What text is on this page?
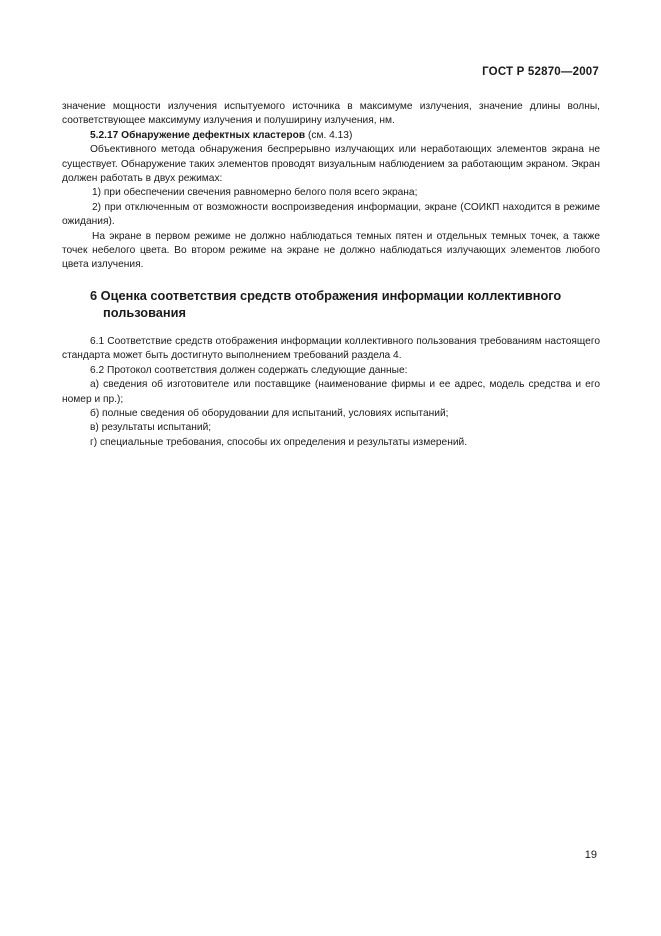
ГОСТ Р 52870—2007

значение мощности излучения испытуемого источника в максимуме излучения, значение длины волны, соответствующее максимуму излучения и полуширину излучения, нм.

5.2.17 Обнаружение дефектных кластеров (см. 4.13)

Объективного метода обнаружения беспрерывно излучающих или неработающих элементов экрана не существует. Обнаружение таких элементов проводят визуальным наблюдением за работающим экраном. Экран должен работать в двух режимах:

1) при обеспечении свечения равномерно белого поля всего экрана;

2) при отключенным от возможности воспроизведения информации, экране (СОИКП находится в режиме ожидания).

На экране в первом режиме не должно наблюдаться темных пятен и отдельных темных точек, а также точек небелого цвета. Во втором режиме на экране не должно наблюдаться излучающих элементов любого цвета излучения.

6 Оценка соответствия средств отображения информации коллективного
пользования

6.1 Соответствие средств отображения информации коллективного пользования требованиям настоящего стандарта может быть достигнуто выполнением требований раздела 4.

6.2 Протокол соответствия должен содержать следующие данные:

а) сведения об изготовителе или поставщике (наименование фирмы и ее адрес, модель средства и его номер и пр.);

б) полные сведения об оборудовании для испытаний, условиях испытаний;

в) результаты испытаний;

г) специальные требования, способы их определения и результаты измерений.

19
